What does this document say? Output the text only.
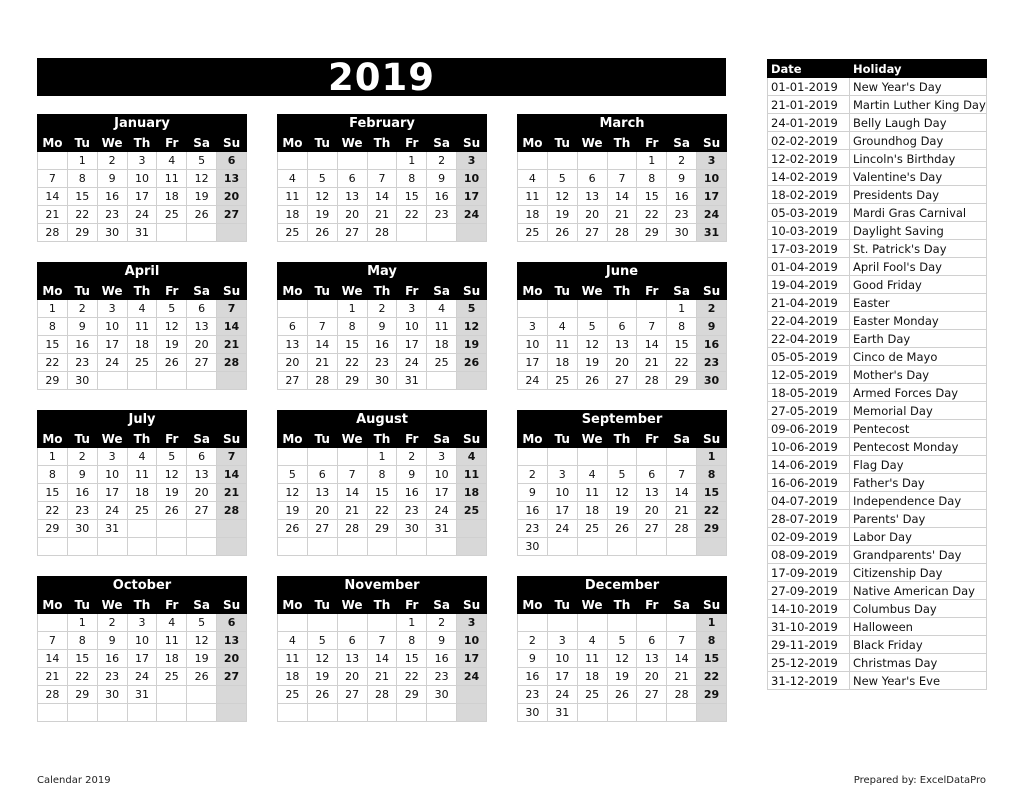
2019
January
Mo	Tu	We	Th	Fr	Sa	Su
	1	2	3	4	5	6
7	8	9	10	11	12	13
14	15	16	17	18	19	20
21	22	23	24	25	26	27
28	29	30	31			
February
Mo	Tu	We	Th	Fr	Sa	Su
				1	2	3
4	5	6	7	8	9	10
11	12	13	14	15	16	17
18	19	20	21	22	23	24
25	26	27	28			
March
Mo	Tu	We	Th	Fr	Sa	Su
				1	2	3
4	5	6	7	8	9	10
11	12	13	14	15	16	17
18	19	20	21	22	23	24
25	26	27	28	29	30	31
April
Mo	Tu	We	Th	Fr	Sa	Su
1	2	3	4	5	6	7
8	9	10	11	12	13	14
15	16	17	18	19	20	21
22	23	24	25	26	27	28
29	30					
May
Mo	Tu	We	Th	Fr	Sa	Su
		1	2	3	4	5
6	7	8	9	10	11	12
13	14	15	16	17	18	19
20	21	22	23	24	25	26
27	28	29	30	31		
June
Mo	Tu	We	Th	Fr	Sa	Su
					1	2
3	4	5	6	7	8	9
10	11	12	13	14	15	16
17	18	19	20	21	22	23
24	25	26	27	28	29	30
July
Mo	Tu	We	Th	Fr	Sa	Su
1	2	3	4	5	6	7
8	9	10	11	12	13	14
15	16	17	18	19	20	21
22	23	24	25	26	27	28
29	30	31				

August
Mo	Tu	We	Th	Fr	Sa	Su
			1	2	3	4
5	6	7	8	9	10	11
12	13	14	15	16	17	18
19	20	21	22	23	24	25
26	27	28	29	30	31	

September
Mo	Tu	We	Th	Fr	Sa	Su
						1
2	3	4	5	6	7	8
9	10	11	12	13	14	15
16	17	18	19	20	21	22
23	24	25	26	27	28	29
30						
October
Mo	Tu	We	Th	Fr	Sa	Su
	1	2	3	4	5	6
7	8	9	10	11	12	13
14	15	16	17	18	19	20
21	22	23	24	25	26	27
28	29	30	31			

November
Mo	Tu	We	Th	Fr	Sa	Su
				1	2	3
4	5	6	7	8	9	10
11	12	13	14	15	16	17
18	19	20	21	22	23	24
25	26	27	28	29	30	

December
Mo	Tu	We	Th	Fr	Sa	Su
						1
2	3	4	5	6	7	8
9	10	11	12	13	14	15
16	17	18	19	20	21	22
23	24	25	26	27	28	29
30	31					
Date	Holiday
01-01-2019	New Year's Day
21-01-2019	Martin Luther King Day
24-01-2019	Belly Laugh Day
02-02-2019	Groundhog Day
12-02-2019	Lincoln's Birthday
14-02-2019	Valentine's Day
18-02-2019	Presidents Day
05-03-2019	Mardi Gras Carnival
10-03-2019	Daylight Saving
17-03-2019	St. Patrick's Day
01-04-2019	April Fool's Day
19-04-2019	Good Friday
21-04-2019	Easter
22-04-2019	Easter Monday
22-04-2019	Earth Day
05-05-2019	Cinco de Mayo
12-05-2019	Mother's Day
18-05-2019	Armed Forces Day
27-05-2019	Memorial Day
09-06-2019	Pentecost
10-06-2019	Pentecost Monday
14-06-2019	Flag Day
16-06-2019	Father's Day
04-07-2019	Independence Day
28-07-2019	Parents' Day
02-09-2019	Labor Day
08-09-2019	Grandparents' Day
17-09-2019	Citizenship Day
27-09-2019	Native American Day
14-10-2019	Columbus Day
31-10-2019	Halloween
29-11-2019	Black Friday
25-12-2019	Christmas Day
31-12-2019	New Year's Eve
Calendar 2019	Prepared by: ExcelDataPro
